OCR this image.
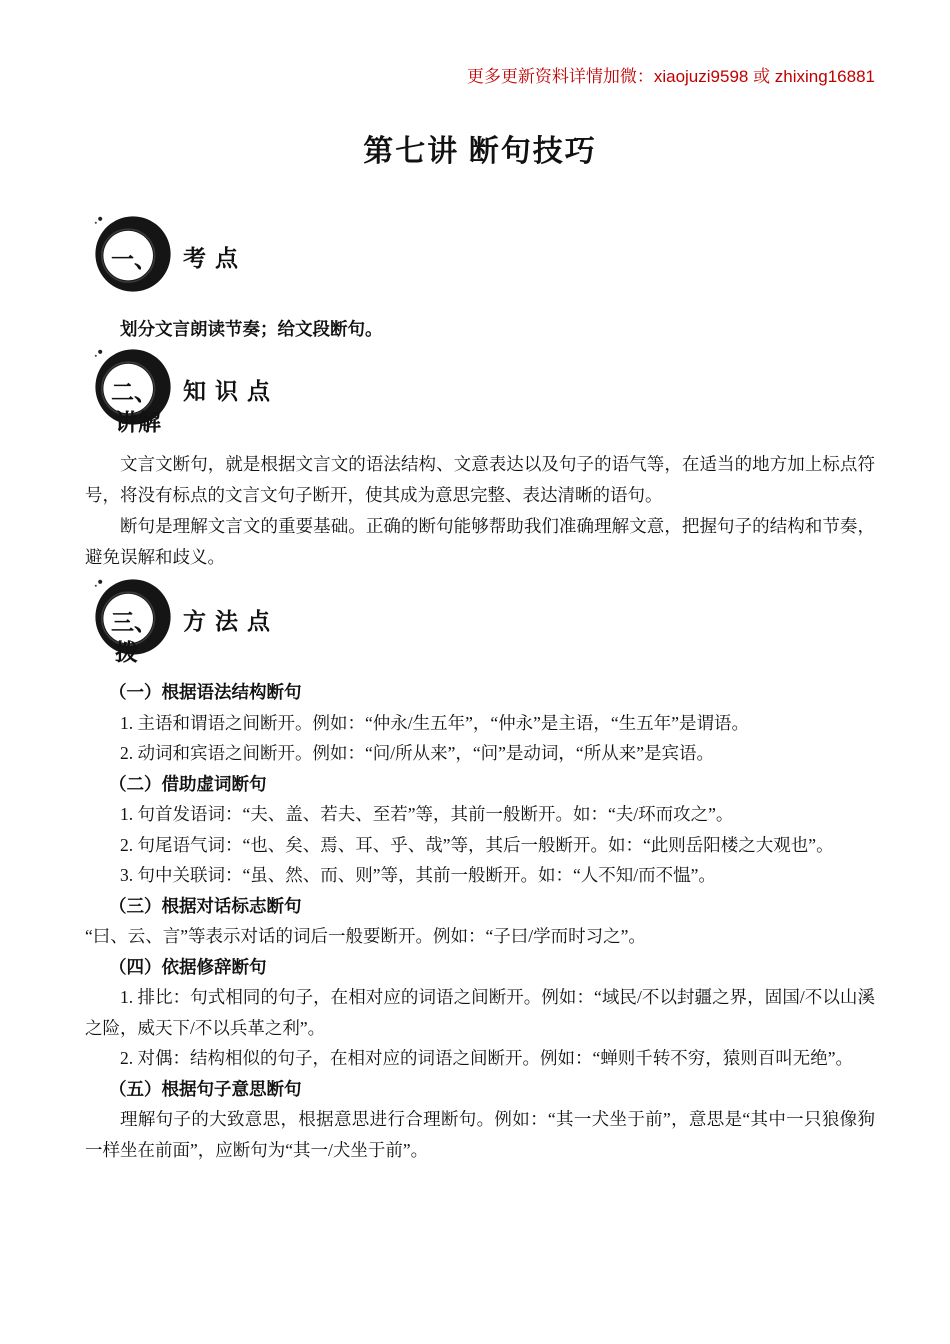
更多更新资料详情加微：xiaojuzi9598 或 zhixing16881
第七讲 断句技巧
一、 考点

划分文言朗读节奏；给文段断句。

二、 知识点
讲解

文言文断句，就是根据文言文的语法结构、文意表达以及句子的语气等，在适当的地方加上标点符号，将没有标点的文言文句子断开，使其成为意思完整、表达清晰的语句。

断句是理解文言文的重要基础。正确的断句能够帮助我们准确理解文意，把握句子的结构和节奏，避免误解和歧义。

三、 方法点
拨

（一）根据语法结构断句

1. 主语和谓语之间断开。例如：“仲永/生五年”，“仲永”是主语，“生五年”是谓语。

2. 动词和宾语之间断开。例如：“问/所从来”，“问”是动词，“所从来”是宾语。

（二）借助虚词断句

1. 句首发语词：“夫、盖、若夫、至若”等，其前一般断开。如：“夫/环而攻之”。

2. 句尾语气词：“也、矣、焉、耳、乎、哉”等，其后一般断开。如：“此则岳阳楼之大观也”。

3. 句中关联词：“虽、然、而、则”等，其前一般断开。如：“人不知/而不愠”。

（三）根据对话标志断句

“曰、云、言”等表示对话的词后一般要断开。例如：“子曰/学而时习之”。

（四）依据修辞断句

1. 排比：句式相同的句子，在相对应的词语之间断开。例如：“域民/不以封疆之界，固国/不以山溪之险，威天下/不以兵革之利”。

2. 对偶：结构相似的句子，在相对应的词语之间断开。例如：“蝉则千转不穷，猿则百叫无绝”。

（五）根据句子意思断句

理解句子的大致意思，根据意思进行合理断句。例如：“其一犬坐于前”，意思是“其中一只狼像狗一样坐在前面”，应断句为“其一/犬坐于前”。
